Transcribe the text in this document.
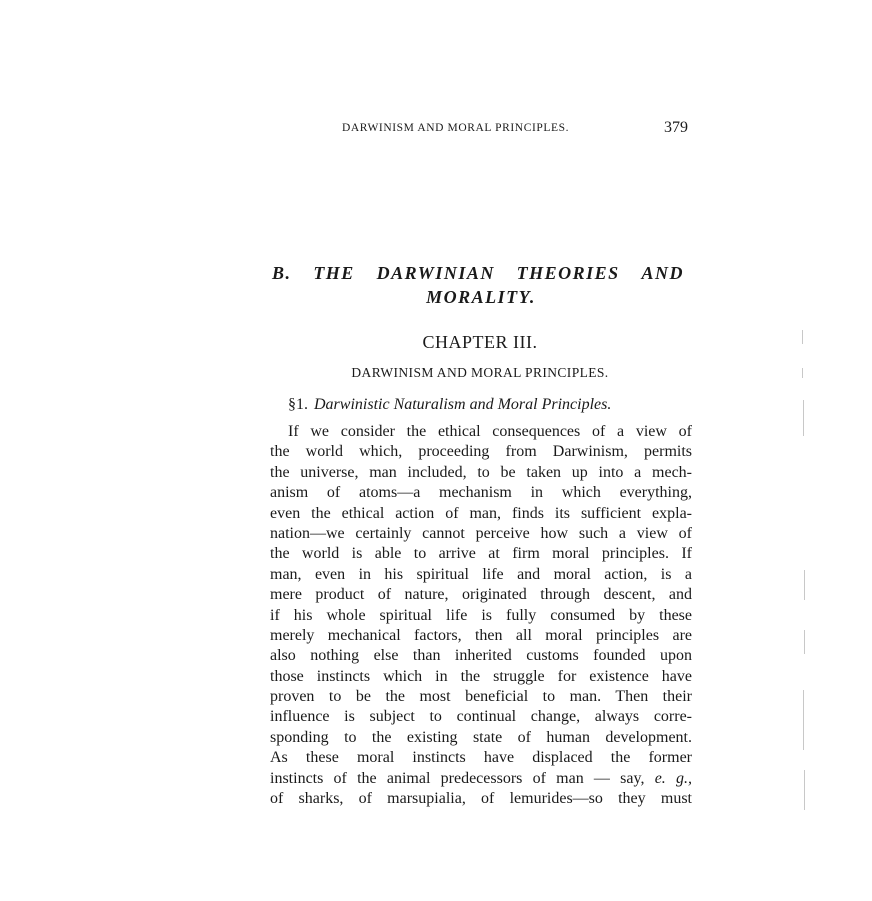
DARWINISM AND MORAL PRINCIPLES.	379
B. THE DARWINIAN THEORIES AND
MORALITY.
CHAPTER III.
DARWINISM AND MORAL PRINCIPLES.
§1. Darwinistic Naturalism and Moral Principles.
If we consider the ethical consequences of a view of
the world which, proceeding from Darwinism, permits
the universe, man included, to be taken up into a mech-
anism of atoms—a mechanism in which everything,
even the ethical action of man, finds its sufficient expla-
nation—we certainly cannot perceive how such a view of
the world is able to arrive at firm moral principles. If
man, even in his spiritual life and moral action, is a
mere product of nature, originated through descent, and
if his whole spiritual life is fully consumed by these
merely mechanical factors, then all moral principles are
also nothing else than inherited customs founded upon
those instincts which in the struggle for existence have
proven to be the most beneficial to man. Then their
influence is subject to continual change, always corre-
sponding to the existing state of human development.
As these moral instincts have displaced the former
instincts of the animal predecessors of man — say, e. g.,
of sharks, of marsupialia, of lemurides—so they must
